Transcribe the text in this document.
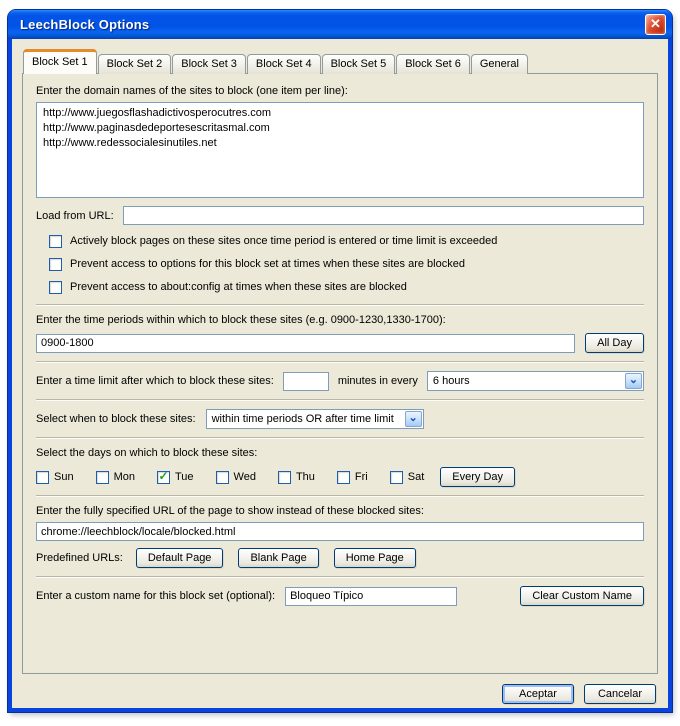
LeechBlock Options	✕
Block Set 1	Block Set 2	Block Set 3	Block Set 4	Block Set 5	Block Set 6	General
Enter the domain names of the sites to block (one item per line):
http://www.juegosflashadictivosperocutres.com http://www.paginasdedeportesescritasmal.com http://www.redessocialesinutiles.net
Load from URL:
Actively block pages on these sites once time period is entered or time limit is exceeded
Prevent access to options for this block set at times when these sites are blocked
Prevent access to about:config at times when these sites are blocked
Enter the time periods within which to block these sites (e.g. 0900-1230,1330-1700):
0900-1800
All Day
Enter a time limit after which to block these sites:	minutes in every 6 hours	⌄
Select when to block these sites: within time periods OR after time limit	⌄
Select the days on which to block these sites:
Sun	Mon ✓ Tue	Wed	Thu	Fri	Sat	Every Day
Enter the fully specified URL of the page to show instead of these blocked sites:
chrome://leechblock/locale/blocked.html
Predefined URLs:	Default Page	Blank Page	Home Page
Enter a custom name for this block set (optional):
Bloqueo Típico	Clear Custom Name
Aceptar	Cancelar
